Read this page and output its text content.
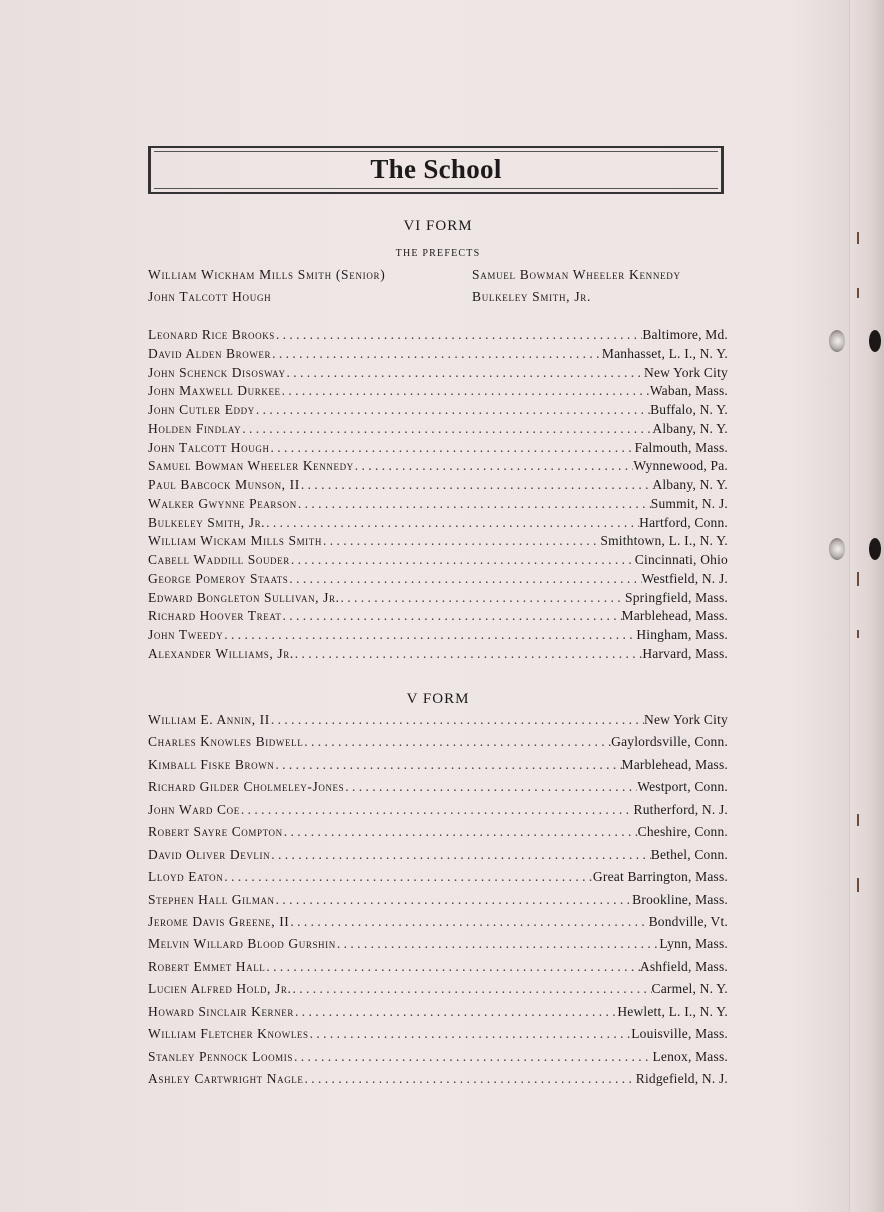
The School
VI FORM
THE PREFECTS
William Wickham Mills Smith (Senior)	Samuel Bowman Wheeler Kennedy
John Talcott Hough	Bulkeley Smith, Jr.
Leonard Rice Brooks . . .	Baltimore, Md.
David Alden Brower . . .	Manhasset, L. I., N. Y.
John Schenck Disosway . . .	New York City
John Maxwell Durkee . . .	Waban, Mass.
John Cutler Eddy . . .	Buffalo, N. Y.
Holden Findlay . . .	Albany, N. Y.
John Talcott Hough . . .	Falmouth, Mass.
Samuel Bowman Wheeler Kennedy . . .	Wynnewood, Pa.
Paul Babcock Munson, II . . .	Albany, N. Y.
Walker Gwynne Pearson . . .	Summit, N. J.
Bulkeley Smith, Jr. . . .	Hartford, Conn.
William Wickam Mills Smith . . .	Smithtown, L. I., N. Y.
Cabell Waddill Souder . . .	Cincinnati, Ohio
George Pomeroy Staats . . .	Westfield, N. J.
Edward Bongleton Sullivan, Jr. . . .	Springfield, Mass.
Richard Hoover Treat . . .	Marblehead, Mass.
John Tweedy . . .	Hingham, Mass.
Alexander Williams, Jr. . . .	Harvard, Mass.
V FORM
William E. Annin, II . . .	New York City
Charles Knowles Bidwell . . .	Gaylordsville, Conn.
Kimball Fiske Brown . . .	Marblehead, Mass.
Richard Gilder Cholmeley-Jones . . .	Westport, Conn.
John Ward Coe . . .	Rutherford, N. J.
Robert Sayre Compton . . .	Cheshire, Conn.
David Oliver Devlin . . .	Bethel, Conn.
Lloyd Eaton . . .	Great Barrington, Mass.
Stephen Hall Gilman . . .	Brookline, Mass.
Jerome Davis Greene, II . . .	Bondville, Vt.
Melvin Willard Blood Gurshin . . .	Lynn, Mass.
Robert Emmet Hall . . .	Ashfield, Mass.
Lucien Alfred Hold, Jr. . . .	Carmel, N. Y.
Howard Sinclair Kerner . . .	Hewlett, L. I., N. Y.
William Fletcher Knowles . . .	Louisville, Mass.
Stanley Pennock Loomis . . .	Lenox, Mass.
Ashley Cartwright Nagle . . .	Ridgefield, N. J.
